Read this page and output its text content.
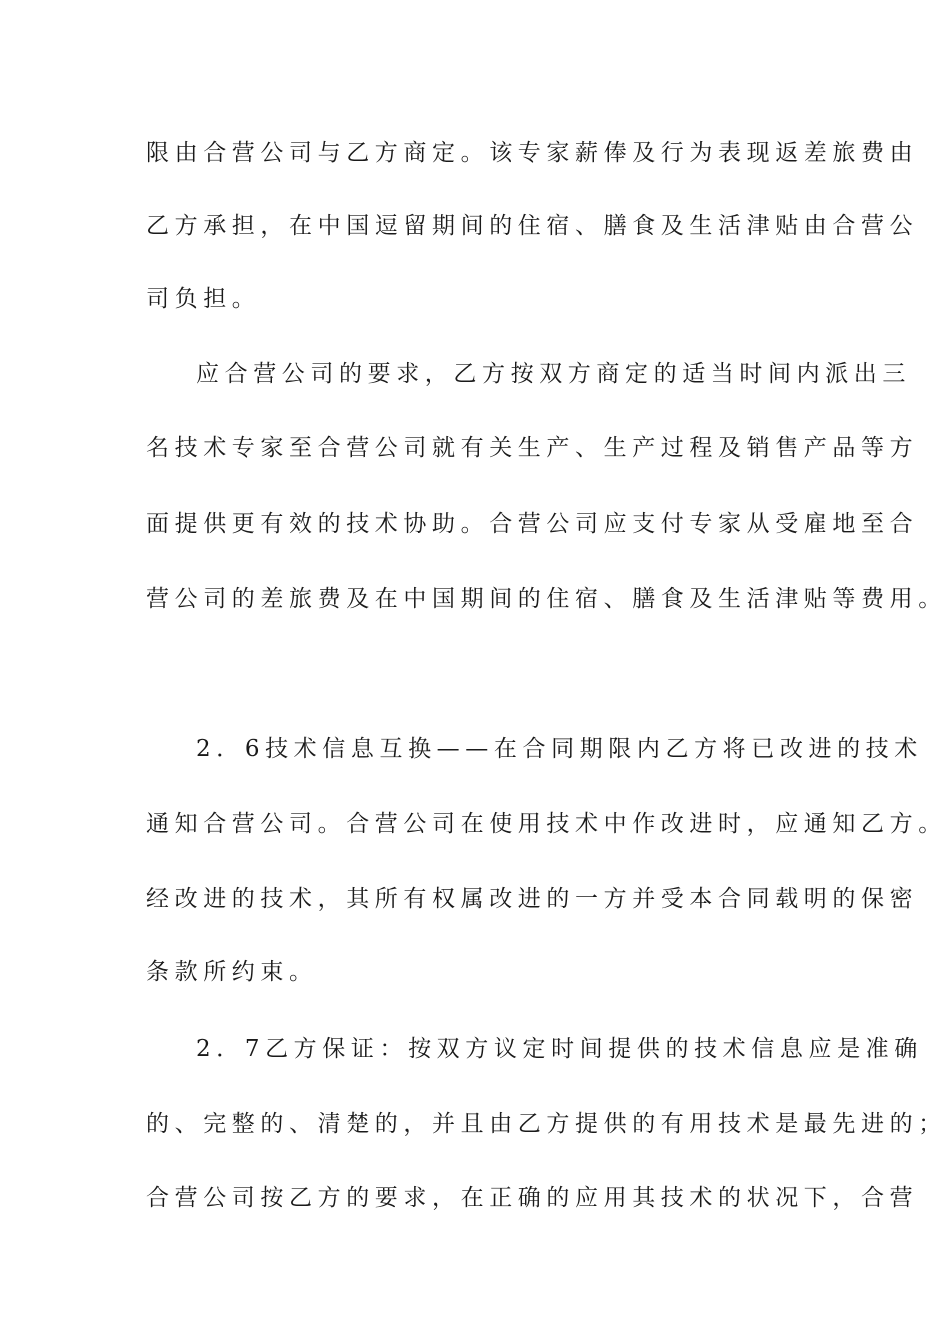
限由合营公司与乙方商定。该专家薪俸及行为表现返差旅费由
乙方承担，在中国逗留期间的住宿、膳食及生活津贴由合营公
司负担。
应合营公司的要求，乙方按双方商定的适当时间内派出三
名技术专家至合营公司就有关生产、生产过程及销售产品等方
面提供更有效的技术协助。合营公司应支付专家从受雇地至合
营公司的差旅费及在中国期间的住宿、膳食及生活津贴等费用。
2．6技术信息互换——在合同期限内乙方将已改进的技术
通知合营公司。合营公司在使用技术中作改进时，应通知乙方。
经改进的技术，其所有权属改进的一方并受本合同载明的保密
条款所约束。
2．7乙方保证：按双方议定时间提供的技术信息应是准确
的、完整的、清楚的，并且由乙方提供的有用技术是最先进的；
合营公司按乙方的要求，在正确的应用其技术的状况下，合营
